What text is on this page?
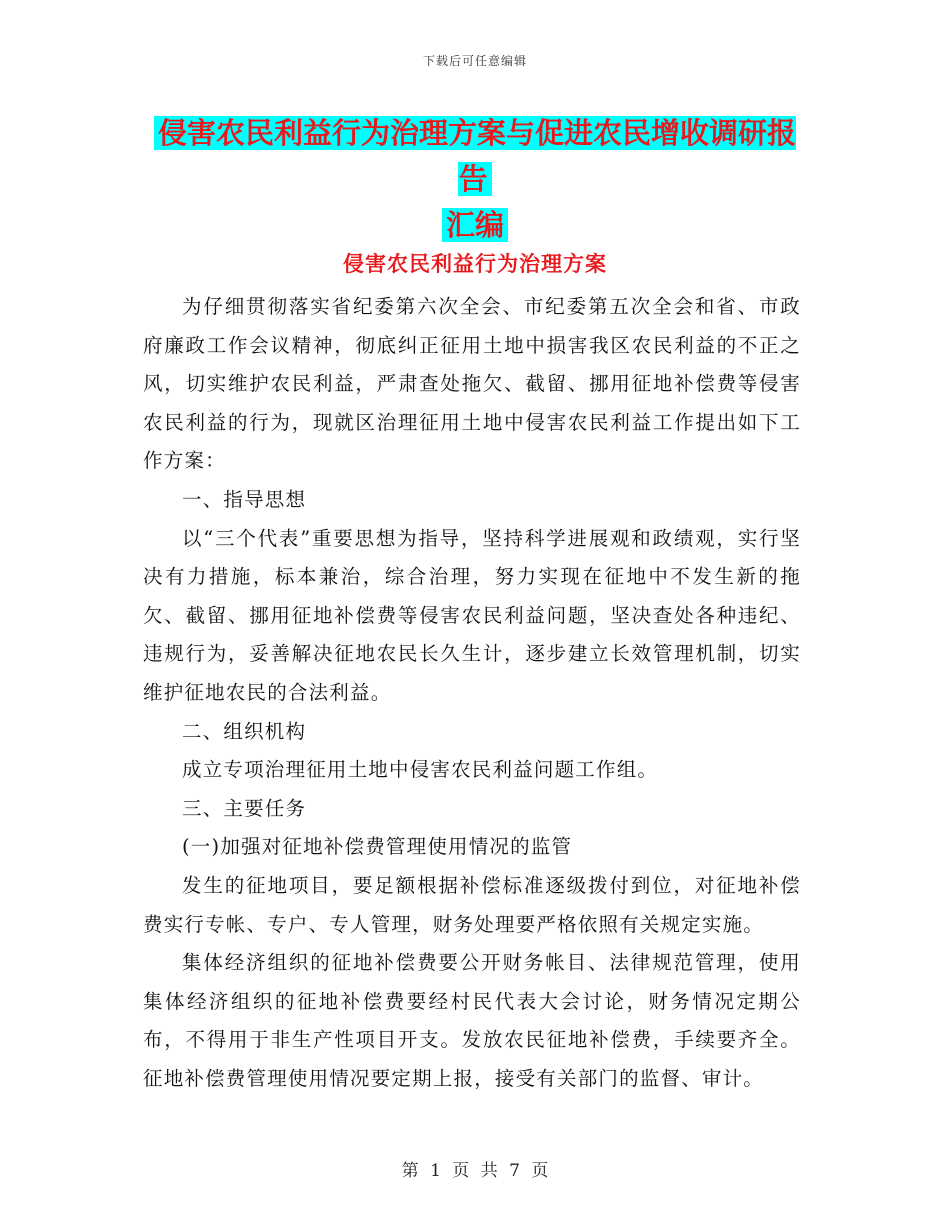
下载后可任意编辑
侵害农民利益行为治理方案与促进农民增收调研报告
汇编
侵害农民利益行为治理方案

为仔细贯彻落实省纪委第六次全会、市纪委第五次全会和省、市政府廉政工作会议精神，彻底纠正征用土地中损害我区农民利益的不正之风，切实维护农民利益，严肃查处拖欠、截留、挪用征地补偿费等侵害农民利益的行为，现就区治理征用土地中侵害农民利益工作提出如下工作方案：

一、指导思想

以“三个代表”重要思想为指导，坚持科学进展观和政绩观，实行坚决有力措施，标本兼治，综合治理，努力实现在征地中不发生新的拖欠、截留、挪用征地补偿费等侵害农民利益问题，坚决查处各种违纪、违规行为，妥善解决征地农民长久生计，逐步建立长效管理机制，切实维护征地农民的合法利益。

二、组织机构

成立专项治理征用土地中侵害农民利益问题工作组。

三、主要任务

(一)加强对征地补偿费管理使用情况的监管

发生的征地项目，要足额根据补偿标准逐级拨付到位，对征地补偿费实行专帐、专户、专人管理，财务处理要严格依照有关规定实施。

集体经济组织的征地补偿费要公开财务帐目、法律规范管理，使用集体经济组织的征地补偿费要经村民代表大会讨论，财务情况定期公布，不得用于非生产性项目开支。发放农民征地补偿费，手续要齐全。征地补偿费管理使用情况要定期上报，接受有关部门的监督、审计。

第 1 页 共 7 页
